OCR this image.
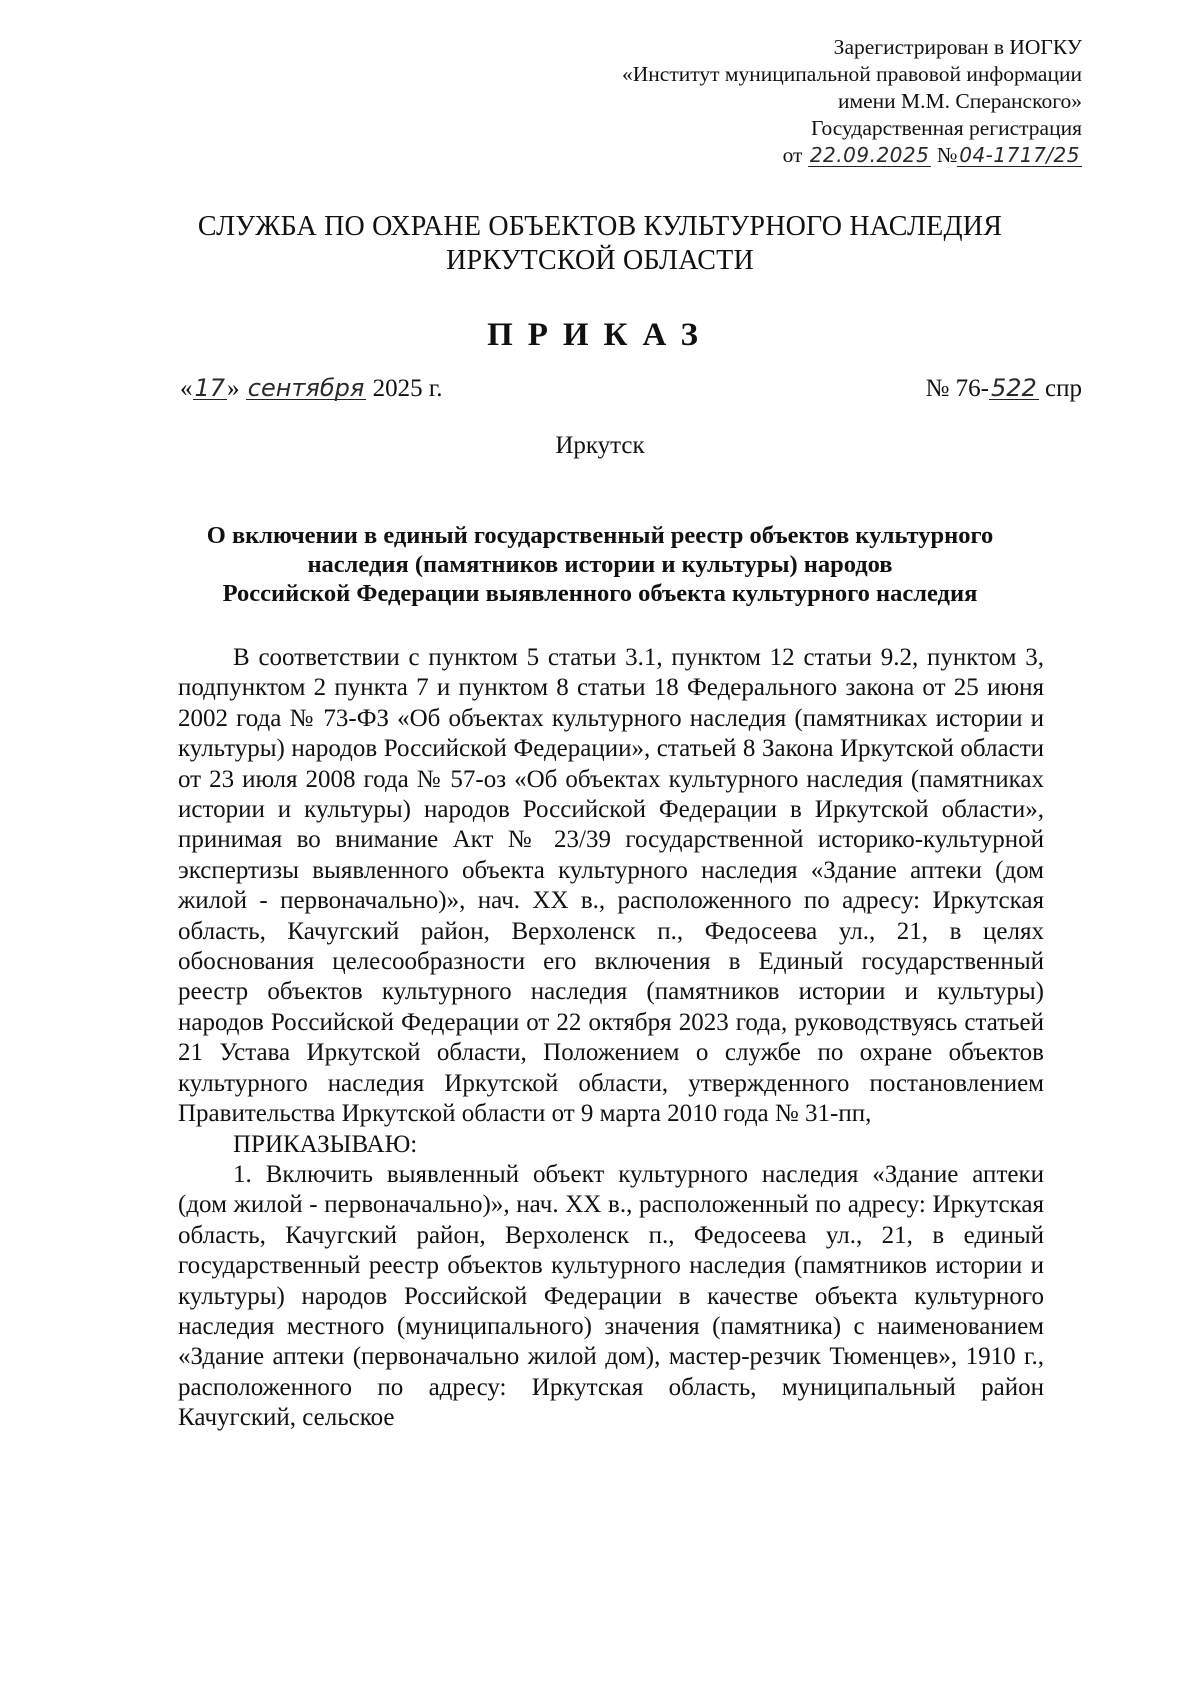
Зарегистрирован в ИОГКУ
«Институт муниципальной правовой информации
имени М.М. Сперанского»
Государственная регистрация
от 22.09.2025 № 04-1717/25
СЛУЖБА ПО ОХРАНЕ ОБЪЕКТОВ КУЛЬТУРНОГО НАСЛЕДИЯ
ИРКУТСКОЙ ОБЛАСТИ
ПРИКАЗ
«17» сентября 2025 г.	№ 76-522 спр
Иркутск
О включении в единый государственный реестр объектов культурного
наследия (памятников истории и культуры) народов
Российской Федерации выявленного объекта культурного наследия

В соответствии с пунктом 5 статьи 3.1, пунктом 12 статьи 9.2, пунктом 3, подпунктом 2 пункта 7 и пунктом 8 статьи 18 Федерального закона от 25 июня 2002 года № 73-ФЗ «Об объектах культурного наследия (памятниках истории и культуры) народов Российской Федерации», статьей 8 Закона Иркутской области от 23 июля 2008 года № 57-оз «Об объектах культурного наследия (памятниках истории и культуры) народов Российской Федерации в Иркутской области», принимая во внимание Акт № 23/39 государственной историко-культурной экспертизы выявленного объекта культурного наследия «Здание аптеки (дом жилой - первоначально)», нач. XX в., расположенного по адресу: Иркутская область, Качугский район, Верхоленск п., Федосеева ул., 21, в целях обоснования целесообразности его включения в Единый государственный реестр объектов культурного наследия (памятников истории и культуры) народов Российской Федерации от 22 октября 2023 года, руководствуясь статьей 21 Устава Иркутской области, Положением о службе по охране объектов культурного наследия Иркутской области, утвержденного постановлением Правительства Иркутской области от 9 марта 2010 года № 31-пп,

ПРИКАЗЫВАЮ:

1. Включить выявленный объект культурного наследия «Здание аптеки (дом жилой - первоначально)», нач. XX в., расположенный по адресу: Иркутская область, Качугский район, Верхоленск п., Федосеева ул., 21, в единый государственный реестр объектов культурного наследия (памятников истории и культуры) народов Российской Федерации в качестве объекта культурного наследия местного (муниципального) значения (памятника) с наименованием «Здание аптеки (первоначально жилой дом), мастер-резчик Тюменцев», 1910 г., расположенного по адресу: Иркутская область, муниципальный район Качугский, сельское
